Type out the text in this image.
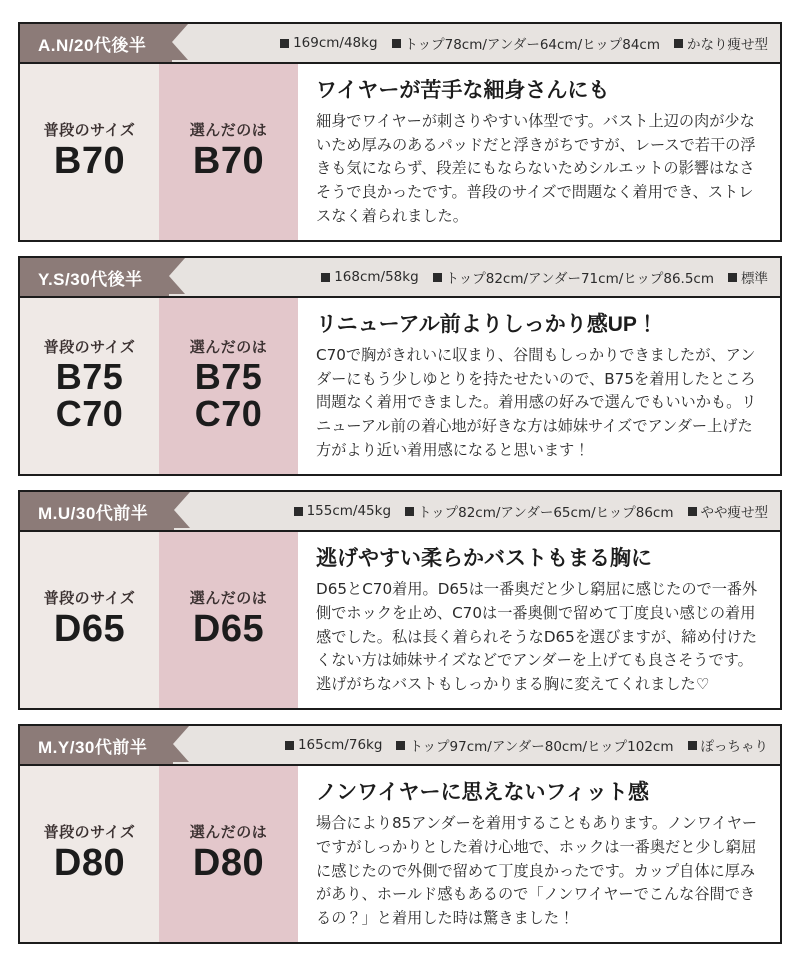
A.N/20代後半	169cm/48kg トップ78cm/アンダー64cm/ヒップ84cm かなり痩せ型
普段のサイズ
B70
選んだのは
B70
ワイヤーが苦手な細身さんにも

細身でワイヤーが刺さりやすい体型です。バスト上辺の肉が少ないため厚みのあるパッドだと浮きがちですが、レースで若干の浮きも気にならず、段差にもならないためシルエットの影響はなさそうで良かったです。普段のサイズで問題なく着用でき、ストレスなく着られました。

Y.S/30代後半	168cm/58kg トップ82cm/アンダー71cm/ヒップ86.5cm 標準
普段のサイズ
B75
C70
選んだのは
B75
C70
リニューアル前よりしっかり感UP！

C70で胸がきれいに収まり、谷間もしっかりできましたが、アンダーにもう少しゆとりを持たせたいので、B75を着用したところ問題なく着用できました。着用感の好みで選んでもいいかも。リニューアル前の着心地が好きな方は姉妹サイズでアンダー上げた方がより近い着用感になると思います！

M.U/30代前半	155cm/45kg トップ82cm/アンダー65cm/ヒップ86cm やや痩せ型
普段のサイズ
D65
選んだのは
D65
逃げやすい柔らかバストもまる胸に

D65とC70着用。D65は一番奥だと少し窮屈に感じたので一番外側でホックを止め、C70は一番奥側で留めて丁度良い感じの着用感でした。私は長く着られそうなD65を選びますが、締め付けたくない方は姉妹サイズなどでアンダーを上げても良さそうです。逃げがちなバストもしっかりまる胸に変えてくれました♡

M.Y/30代前半	165cm/76kg トップ97cm/アンダー80cm/ヒップ102cm ぽっちゃり
普段のサイズ
D80
選んだのは
D80
ノンワイヤーに思えないフィット感

場合により85アンダーを着用することもあります。ノンワイヤーですがしっかりとした着け心地で、ホックは一番奥だと少し窮屈に感じたので外側で留めて丁度良かったです。カップ自体に厚みがあり、ホールド感もあるので「ノンワイヤーでこんな谷間できるの？」と着用した時は驚きました！
